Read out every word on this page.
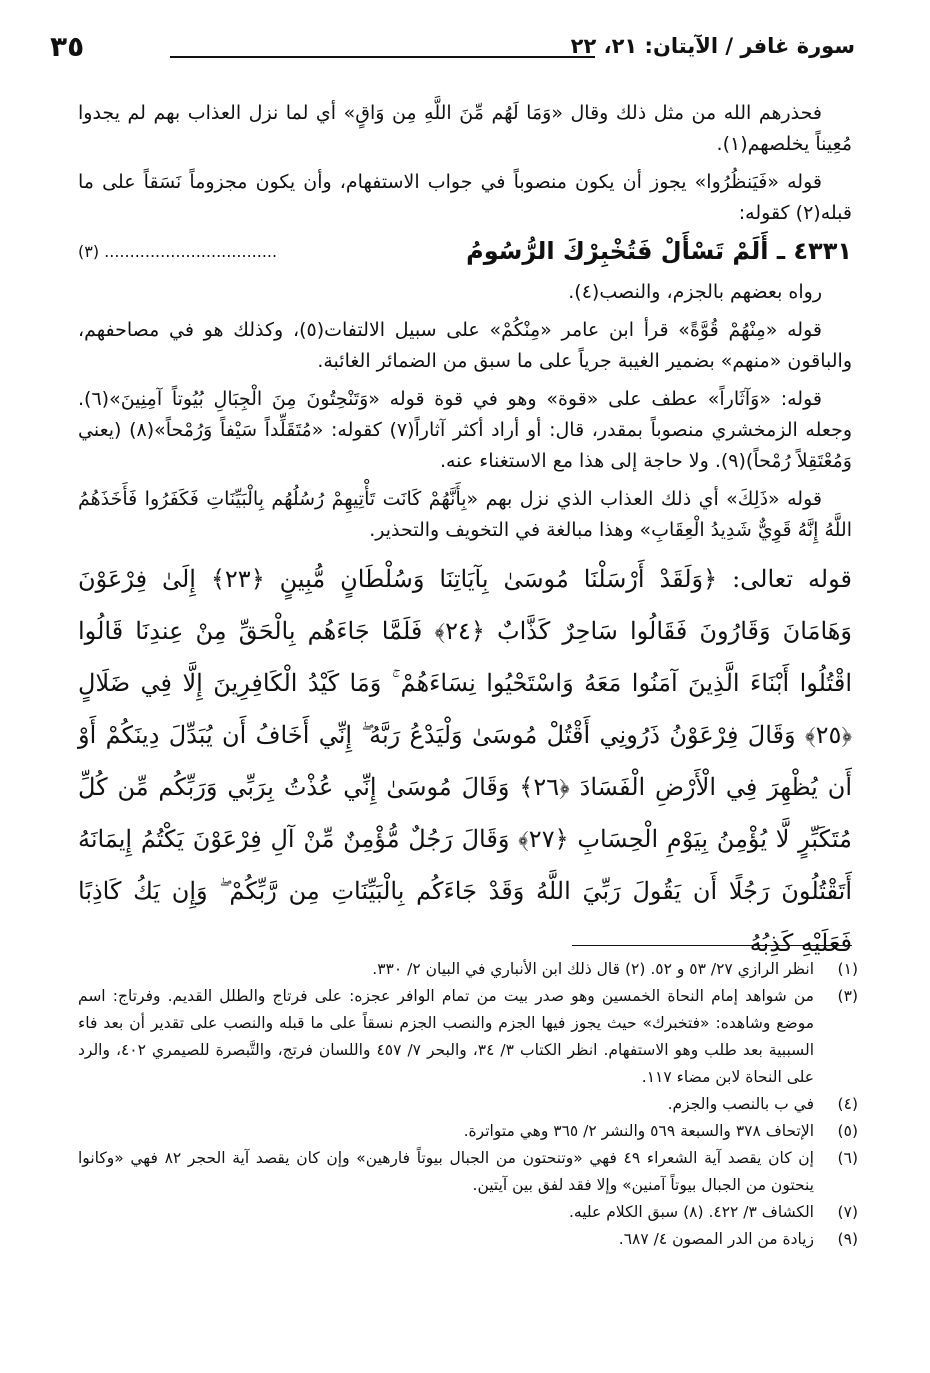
سورة غافر / الآيتان: ٢١، ٢٢
٣٥

فحذرهم الله من مثل ذلك وقال «وَمَا لَهُم مِّنَ اللَّهِ مِن وَاقٍ» أي لما نزل العذاب بهم لم يجدوا مُعِيناً يخلصهم(١).

قوله «فَيَنظُرُوا» يجوز أن يكون منصوباً في جواب الاستفهام، وأن يكون مجزوماً نَسَقاً على ما قبله(٢) كقوله:

٤٣٣١ ـ أَلَمْ تَسْأَلْ فَتُخْبِرْكَ الرُّسُومُ
(٣) ..................................

رواه بعضهم بالجزم، والنصب(٤).

قوله «مِنْهُمْ قُوَّةً» قرأ ابن عامر «مِنْكُمْ» على سبيل الالتفات(٥)، وكذلك هو في مصاحفهم، والباقون «منهم» بضمير الغيبة جرياً على ما سبق من الضمائر الغائبة.

قوله: «وَآثَاراً» عطف على «قوة» وهو في قوة قوله «وَتَنْحِتُونَ مِنَ الْجِبَالِ بُيُوتاً آمِنِينَ»(٦). وجعله الزمخشري منصوباً بمقدر، قال: أو أراد أكثر آثاراً(٧) كقوله: «مُتَقَلِّداً سَيْفاً وَرُمْحاً»(٨) (يعني وَمُعْتَقِلاً رُمْحاً)(٩). ولا حاجة إلى هذا مع الاستغناء عنه.

قوله «ذَلِكَ» أي ذلك العذاب الذي نزل بهم «بِأَنَّهُمْ كَانَت تَأْتِيهِمْ رُسُلُهُم بِالْبَيِّنَاتِ فَكَفَرُوا فَأَخَذَهُمُ اللَّهُ إِنَّهُ قَوِيٌّ شَدِيدُ الْعِقَابِ» وهذا مبالغة في التخويف والتحذير.

قوله تعالى: ﴿وَلَقَدْ أَرْسَلْنَا مُوسَىٰ بِآيَاتِنَا وَسُلْطَانٍ مُّبِينٍ ﴿٢٣﴾ إِلَىٰ فِرْعَوْنَ وَهَامَانَ وَقَارُونَ فَقَالُوا سَاحِرٌ كَذَّابٌ ﴿٢٤﴾ فَلَمَّا جَاءَهُم بِالْحَقِّ مِنْ عِندِنَا قَالُوا اقْتُلُوا أَبْنَاءَ الَّذِينَ آمَنُوا مَعَهُ وَاسْتَحْيُوا نِسَاءَهُمْ ۚ وَمَا كَيْدُ الْكَافِرِينَ إِلَّا فِي ضَلَالٍ ﴿٢٥﴾ وَقَالَ فِرْعَوْنُ ذَرُونِي أَقْتُلْ مُوسَىٰ وَلْيَدْعُ رَبَّهُ ۖ إِنِّي أَخَافُ أَن يُبَدِّلَ دِينَكُمْ أَوْ أَن يُظْهِرَ فِي الْأَرْضِ الْفَسَادَ ﴿٢٦﴾ وَقَالَ مُوسَىٰ إِنِّي عُذْتُ بِرَبِّي وَرَبِّكُم مِّن كُلِّ مُتَكَبِّرٍ لَّا يُؤْمِنُ بِيَوْمِ الْحِسَابِ ﴿٢٧﴾ وَقَالَ رَجُلٌ مُّؤْمِنٌ مِّنْ آلِ فِرْعَوْنَ يَكْتُمُ إِيمَانَهُ أَتَقْتُلُونَ رَجُلًا أَن يَقُولَ رَبِّيَ اللَّهُ وَقَدْ جَاءَكُم بِالْبَيِّنَاتِ مِن رَّبِّكُمْ ۖ وَإِن يَكُ كَاذِبًا فَعَلَيْهِ كَذِبُهُ
(١)
انظر الرازي ٢٧/ ٥٣ و ٥٢. (٢) قال ذلك ابن الأنباري في البيان ٢/ ٣٣٠.
(٣)
من شواهد إمام النحاة الخمسين وهو صدر بيت من تمام الوافر عجزه: على فرتاج والطلل القديم. وفرتاج: اسم موضع وشاهده: «فتخبرك» حيث يجوز فيها الجزم والنصب الجزم نسقاً على ما قبله والنصب على تقدير أن بعد فاء السببية بعد طلب وهو الاستفهام. انظر الكتاب ٣/ ٣٤، والبحر ٧/ ٤٥٧ واللسان فرتج، والتَّبصرة للصيمري ٤٠٢، والرد على النحاة لابن مضاء ١١٧.
(٤)
في ب بالنصب والجزم.
(٥)
الإتحاف ٣٧٨ والسبعة ٥٦٩ والنشر ٢/ ٣٦٥ وهي متواترة.
(٦)
إن كان يقصد آية الشعراء ٤٩ فهي «وتنحتون من الجبال بيوتاً فارهين» وإن كان يقصد آية الحجر ٨٢ فهي «وكانوا ينحتون من الجبال بيوتاً آمنين» وإلا فقد لفق بين آيتين.
(٧)
الكشاف ٣/ ٤٢٢. (٨) سبق الكلام عليه.
(٩)
زيادة من الدر المصون ٤/ ٦٨٧.
